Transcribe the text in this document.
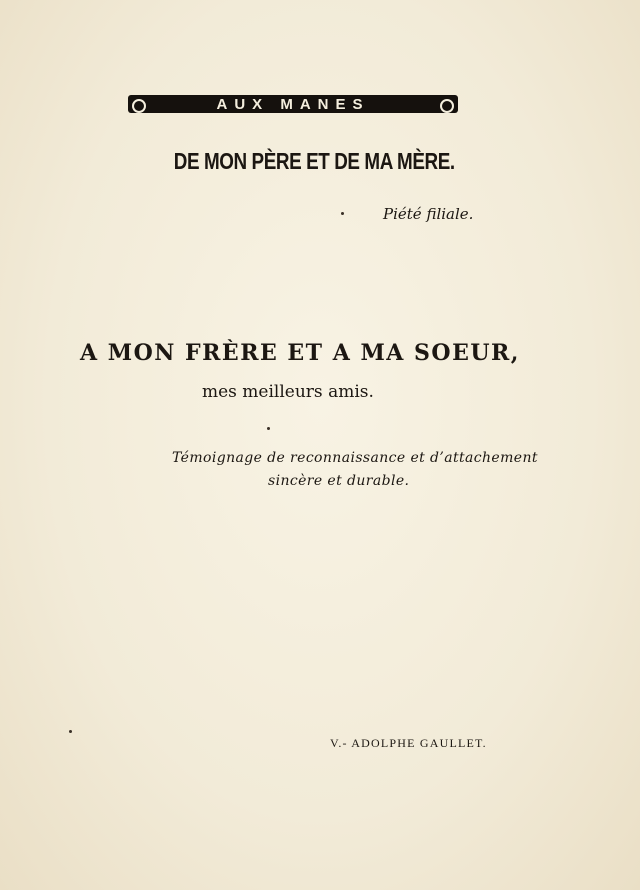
AUX MANES
DE MON PÈRE ET DE MA MÈRE.
Piété filiale.
A MON FRÈRE ET A MA SOEUR,
mes meilleurs amis.
Témoignage de reconnaissance et d’attachement
sincère et durable.
V.- ADOLPHE GAULLET.
